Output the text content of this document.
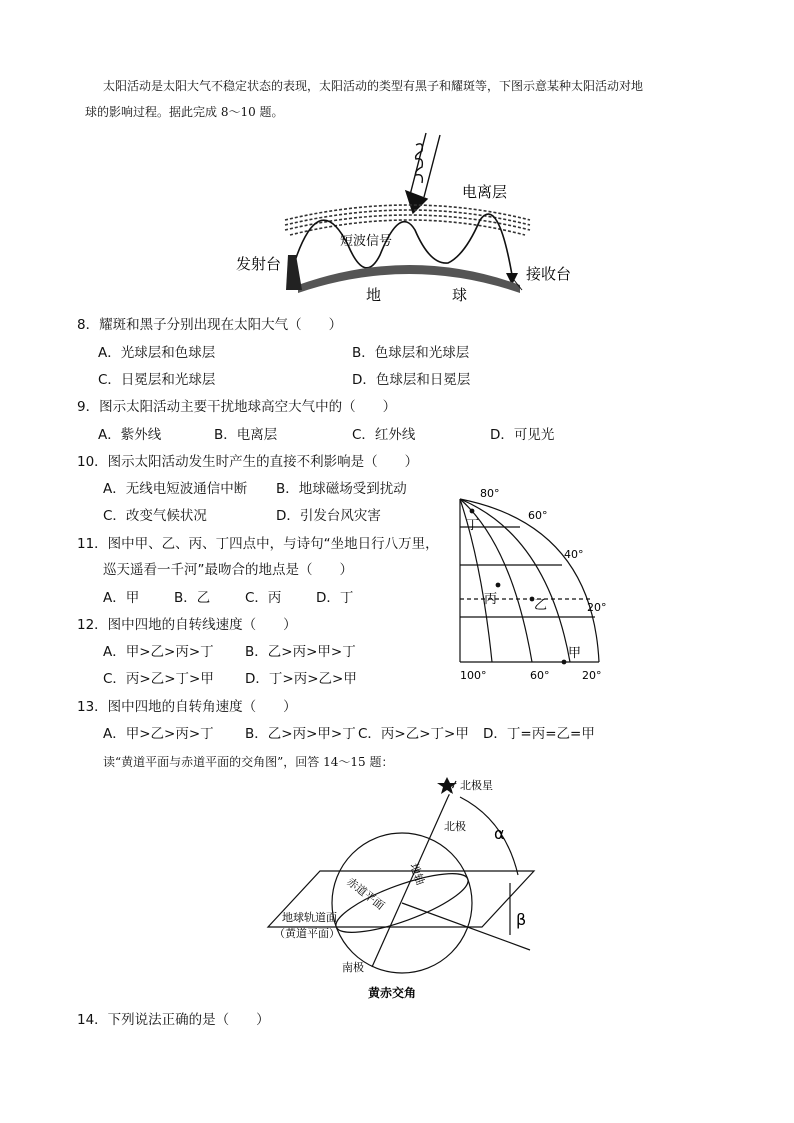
太阳活动是太阳大气不稳定状态的表现，太阳活动的类型有黑子和耀斑等，下图示意某种太阳活动对地
球的影响过程。据此完成 8～10 题。
电离层
短波信号
发射台
接收台
地	球
8．耀斑和黑子分别出现在太阳大气（　　）
A．光球层和色球层	B．色球层和光球层
C．日冕层和光球层	D．色球层和日冕层
9．图示太阳活动主要干扰地球高空大气中的（　　）
A．紫外线	B．电离层	C．红外线	D．可见光
10．图示太阳活动发生时产生的直接不利影响是（　　）
A．无线电短波通信中断 B．地球磁场受到扰动
C．改变气候状况	D．引发台风灾害
11．图中甲、乙、丙、丁四点中，与诗句“坐地日行八万里，
巡天遥看一千河”最吻合的地点是（　　）
A．甲	B．乙	C．丙	D．丁
12．图中四地的自转线速度（　　）
A．甲>乙>丙>丁 B．乙>丙>甲>丁
C．丙>乙>丁>甲 D．丁>丙>乙>甲
80°
60°
40°
20°
100°	60°	20°
丁
丙	乙
甲
13．图中四地的自转角速度（　　）
A．甲>乙>丙>丁 B．乙>丙>甲>丁 C．丙>乙>丁>甲 D．丁=丙=乙=甲
读“黄道平面与赤道平面的交角图”，回答 14～15 题：
北极星
北极
地轴
赤道平面
地球轨道面
（黄道平面）
南极
α
β
黄赤交角
14．下列说法正确的是（　　）
